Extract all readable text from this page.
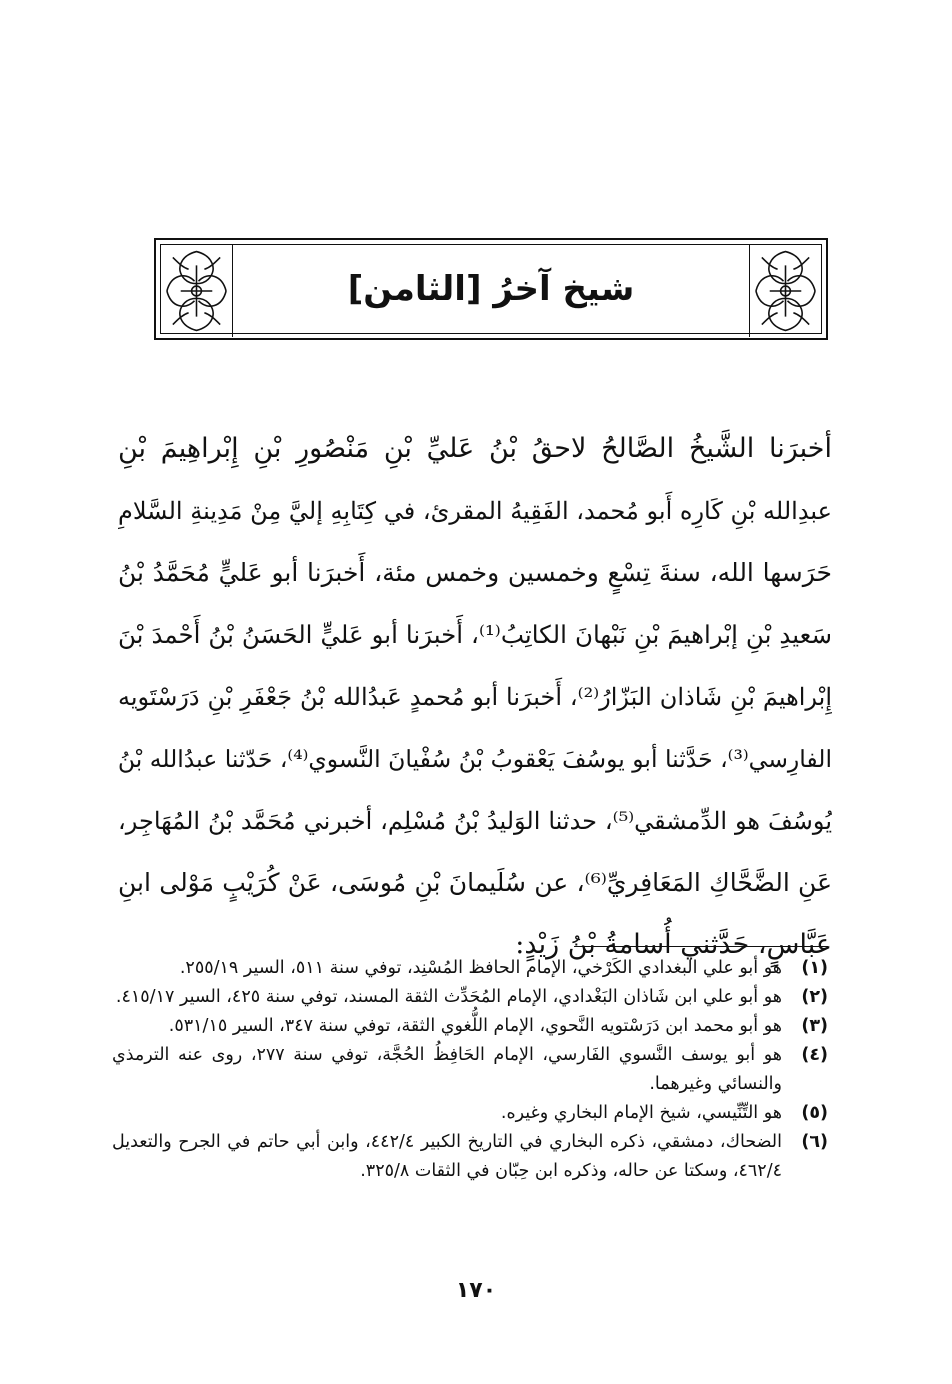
شيخ آخرُ [الثامن]
أخبرَنا الشَّيخُ الصَّالحُ لاحقُ بْنُ عَليِّ بْنِ مَنْصُورِ بْنِ إِبْراهِيمَ بْنِ
عبدِالله بْنِ كَارِه أَبو مُحمد، الفَقِيهُ المقرئ، في كِتَابِهِ إليَّ مِنْ مَدِينةِ السَّلامِ
حَرَسها الله، سنةَ تِسْعٍ وخمسين وخمس مئة، أَخبرَنا أبو عَليٍّ مُحَمَّدُ بْنُ
سَعيدِ بْنِ إبْراهيمَ بْنِ نَبْهانَ الكاتِبُ⁽¹⁾، أَخبرَنا أبو عَليٍّ الحَسَنُ بْنُ أَحْمدَ بْنَ
إِبْراهيمَ بْنِ شَاذان البَزّارُ⁽²⁾، أَخبرَنا أبو مُحمدٍ عَبدُالله بْنُ جَعْفَرِ بْنِ دَرَسْتَويه
الفارِسي⁽³⁾، حَدَّثنا أبو يوسُفَ يَعْقوبُ بْنُ سُفْيانَ النَّسوي⁽⁴⁾، حَدّثنا عبدُالله بْنُ
يُوسُفَ هو الدِّمشقي⁽⁵⁾، حدثنا الوَليدُ بْنُ مُسْلِم، أخبرني مُحَمَّد بْنُ المُهَاجِر،
عَنِ الضَّحَّاكِ المَعَافِريِّ⁽⁶⁾، عن سُلَيمانَ بْنِ مُوسَى، عَنْ كُرَيْبٍ مَوْلى ابنِ
عَبَّاسٍ، حَدَّثني أُسامةُ بْنُ زَيْدٍ:
(١)
هو أبو علي البغدادي الكَرْخي، الإمام الحافظ المُسْنِد، توفي سنة ٥١١، السير ٢٥٥/١٩.
(٢)
هو أبو علي ابن شَاذان البَغْدادي، الإمام المُحَدِّث الثقة المسند، توفي سنة ٤٢٥، السير ٤١٥/١٧.
(٣)
هو أبو محمد ابن دَرَسْتويه النَّحوي، الإمام اللُّغوي الثقة، توفي سنة ٣٤٧، السير ٥٣١/١٥.
(٤)
هو أبو يوسف النَّسوي الفَارسي، الإمام الحَافِظُ الحُجَّة، توفي سنة ٢٧٧، روى عنه الترمذي والنسائي وغيرهما.
(٥)
هو التِّنِّيسي، شيخ الإمام البخاري وغيره.
(٦)
الضحاك، دمشقي، ذكره البخاري في التاريخ الكبير ٤٤٢/٤، وابن أبي حاتم في الجرح والتعديل ٤٦٢/٤، وسكتا عن حاله، وذكره ابن حِبّان في الثقات ٣٢٥/٨.
١٧٠
